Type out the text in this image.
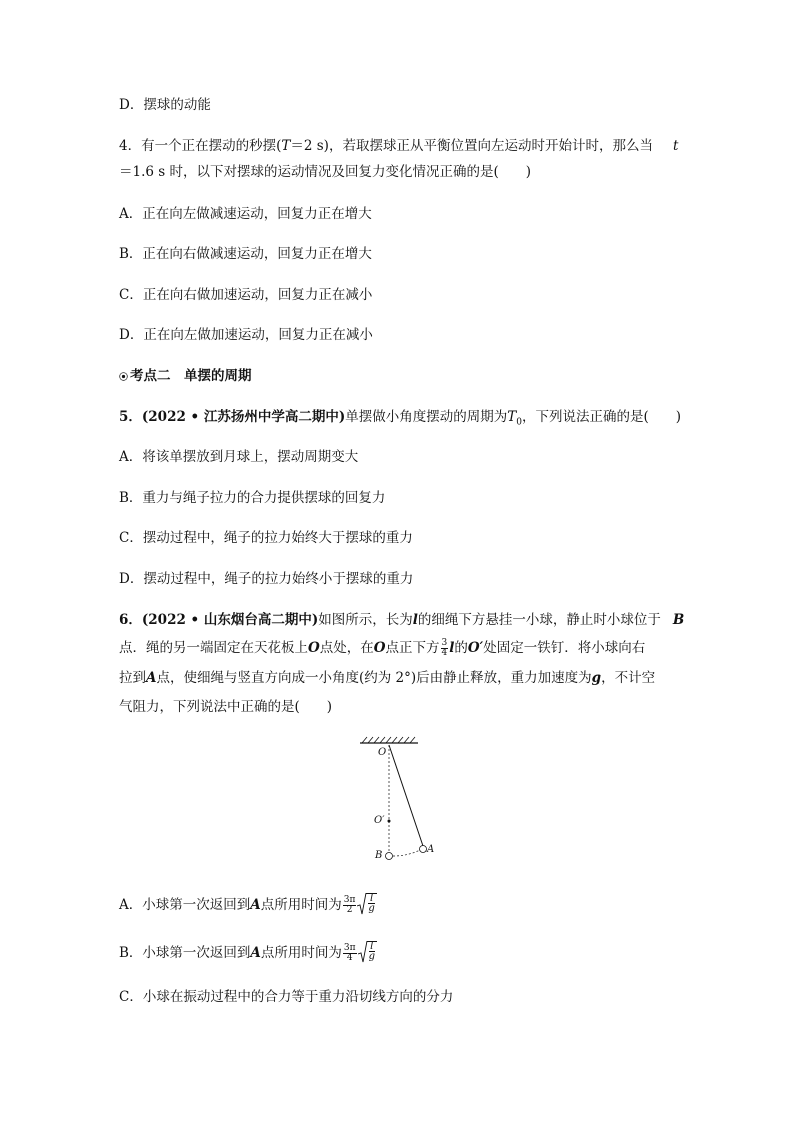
D．摆球的动能
4．有一个正在摆动的秒摆(T＝2 s)，若取摆球正从平衡位置向左运动时开始计时，那么当 t
＝1.6 s 时，以下对摆球的运动情况及回复力变化情况正确的是(　　)
A．正在向左做减速运动，回复力正在增大
B．正在向右做减速运动，回复力正在增大
C．正在向右做加速运动，回复力正在减小
D．正在向左做加速运动，回复力正在减小
⦿ 考点二　单摆的周期
5．(2022 • 江苏扬州中学高二期中)单摆做小角度摆动的周期为$T_0$，下列说法正确的是(　　)
A．将该单摆放到月球上，摆动周期变大
B．重力与绳子拉力的合力提供摆球的回复力
C．摆动过程中，绳子的拉力始终大于摆球的重力
D．摆动过程中，绳子的拉力始终小于摆球的重力
6．(2022 • 山东烟台高二期中)如图所示，长为l的细绳下方悬挂一小球，静止时小球位于 B
点．绳的另一端固定在天花板上O点处，在O点正下方 $\frac{3}{4}$ l的O′处固定一铁钉．将小球向右
拉到A点，使细绳与竖直方向成一小角度(约为 2°)后由静止释放，重力加速度为g，不计空
气阻力，下列说法中正确的是(　　)
O
O′
B
A
A．小球第一次返回到A点所用时间为 $\frac{3\pi}{2} \frac{l}{g}$
B．小球第一次返回到A点所用时间为 $\frac{3\pi}{4} \frac{l}{g}$
C．小球在振动过程中的合力等于重力沿切线方向的分力
